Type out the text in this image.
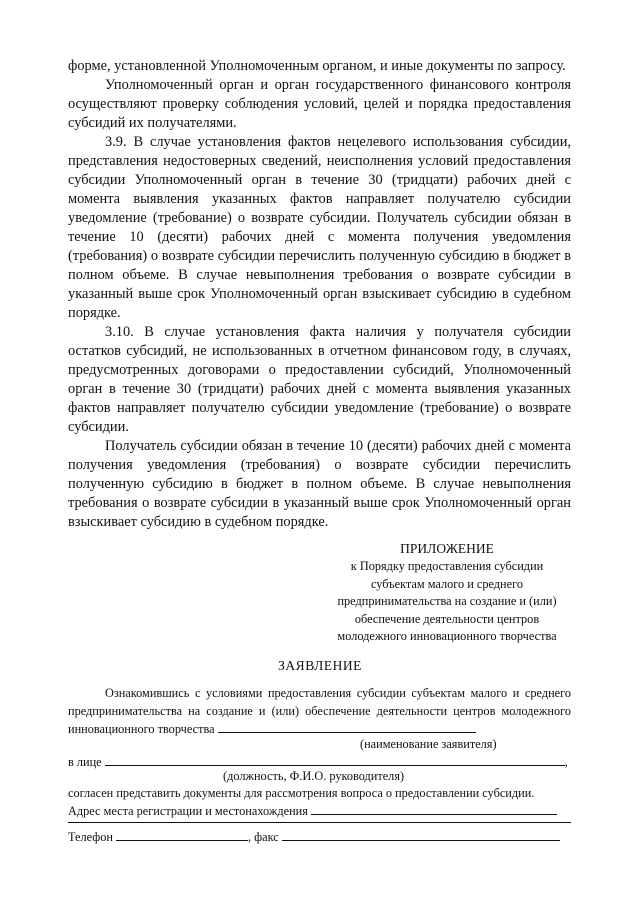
форме, установленной Уполномоченным органом, и иные документы по запросу.

Уполномоченный орган и орган государственного финансового контроля осуществляют проверку соблюдения условий, целей и порядка предоставления субсидий их получателями.

3.9. В случае установления фактов нецелевого использования субсидии, представления недостоверных сведений, неисполнения условий предоставления субсидии Уполномоченный орган в течение 30 (тридцати) рабочих дней с момента выявления указанных фактов направляет получателю субсидии уведомление (требование) о возврате субсидии. Получатель субсидии обязан в течение 10 (десяти) рабочих дней с момента получения уведомления (требования) о возврате субсидии перечислить полученную субсидию в бюджет в полном объеме. В случае невыполнения требования о возврате субсидии в указанный выше срок Уполномоченный орган взыскивает субсидию в судебном порядке.

3.10. В случае установления факта наличия у получателя субсидии остатков субсидий, не использованных в отчетном финансовом году, в случаях, предусмотренных договорами о предоставлении субсидий, Уполномоченный орган в течение 30 (тридцати) рабочих дней с момента выявления указанных фактов направляет получателю субсидии уведомление (требование) о возврате субсидии.

Получатель субсидии обязан в течение 10 (десяти) рабочих дней с момента получения уведомления (требования) о возврате субсидии перечислить полученную субсидию в бюджет в полном объеме. В случае невыполнения требования о возврате субсидии в указанный выше срок Уполномоченный орган взыскивает субсидию в судебном порядке.

ПРИЛОЖЕНИЕ
к Порядку предоставления субсидии
субъектам малого и среднего
предпринимательства на создание и (или)
обеспечение деятельности центров
молодежного инновационного творчества
ЗАЯВЛЕНИЕ
Ознакомившись с условиями предоставления субсидии субъектам малого и среднего предпринимательства на создание и (или) обеспечение деятельности центров молодежного инновационного творчества
(наименование заявителя)
в лице	,
(должность, Ф.И.О. руководителя)
согласен представить документы для рассмотрения вопроса о предоставлении субсидии.
Адрес места регистрации и местонахождения
Телефон	, факс
